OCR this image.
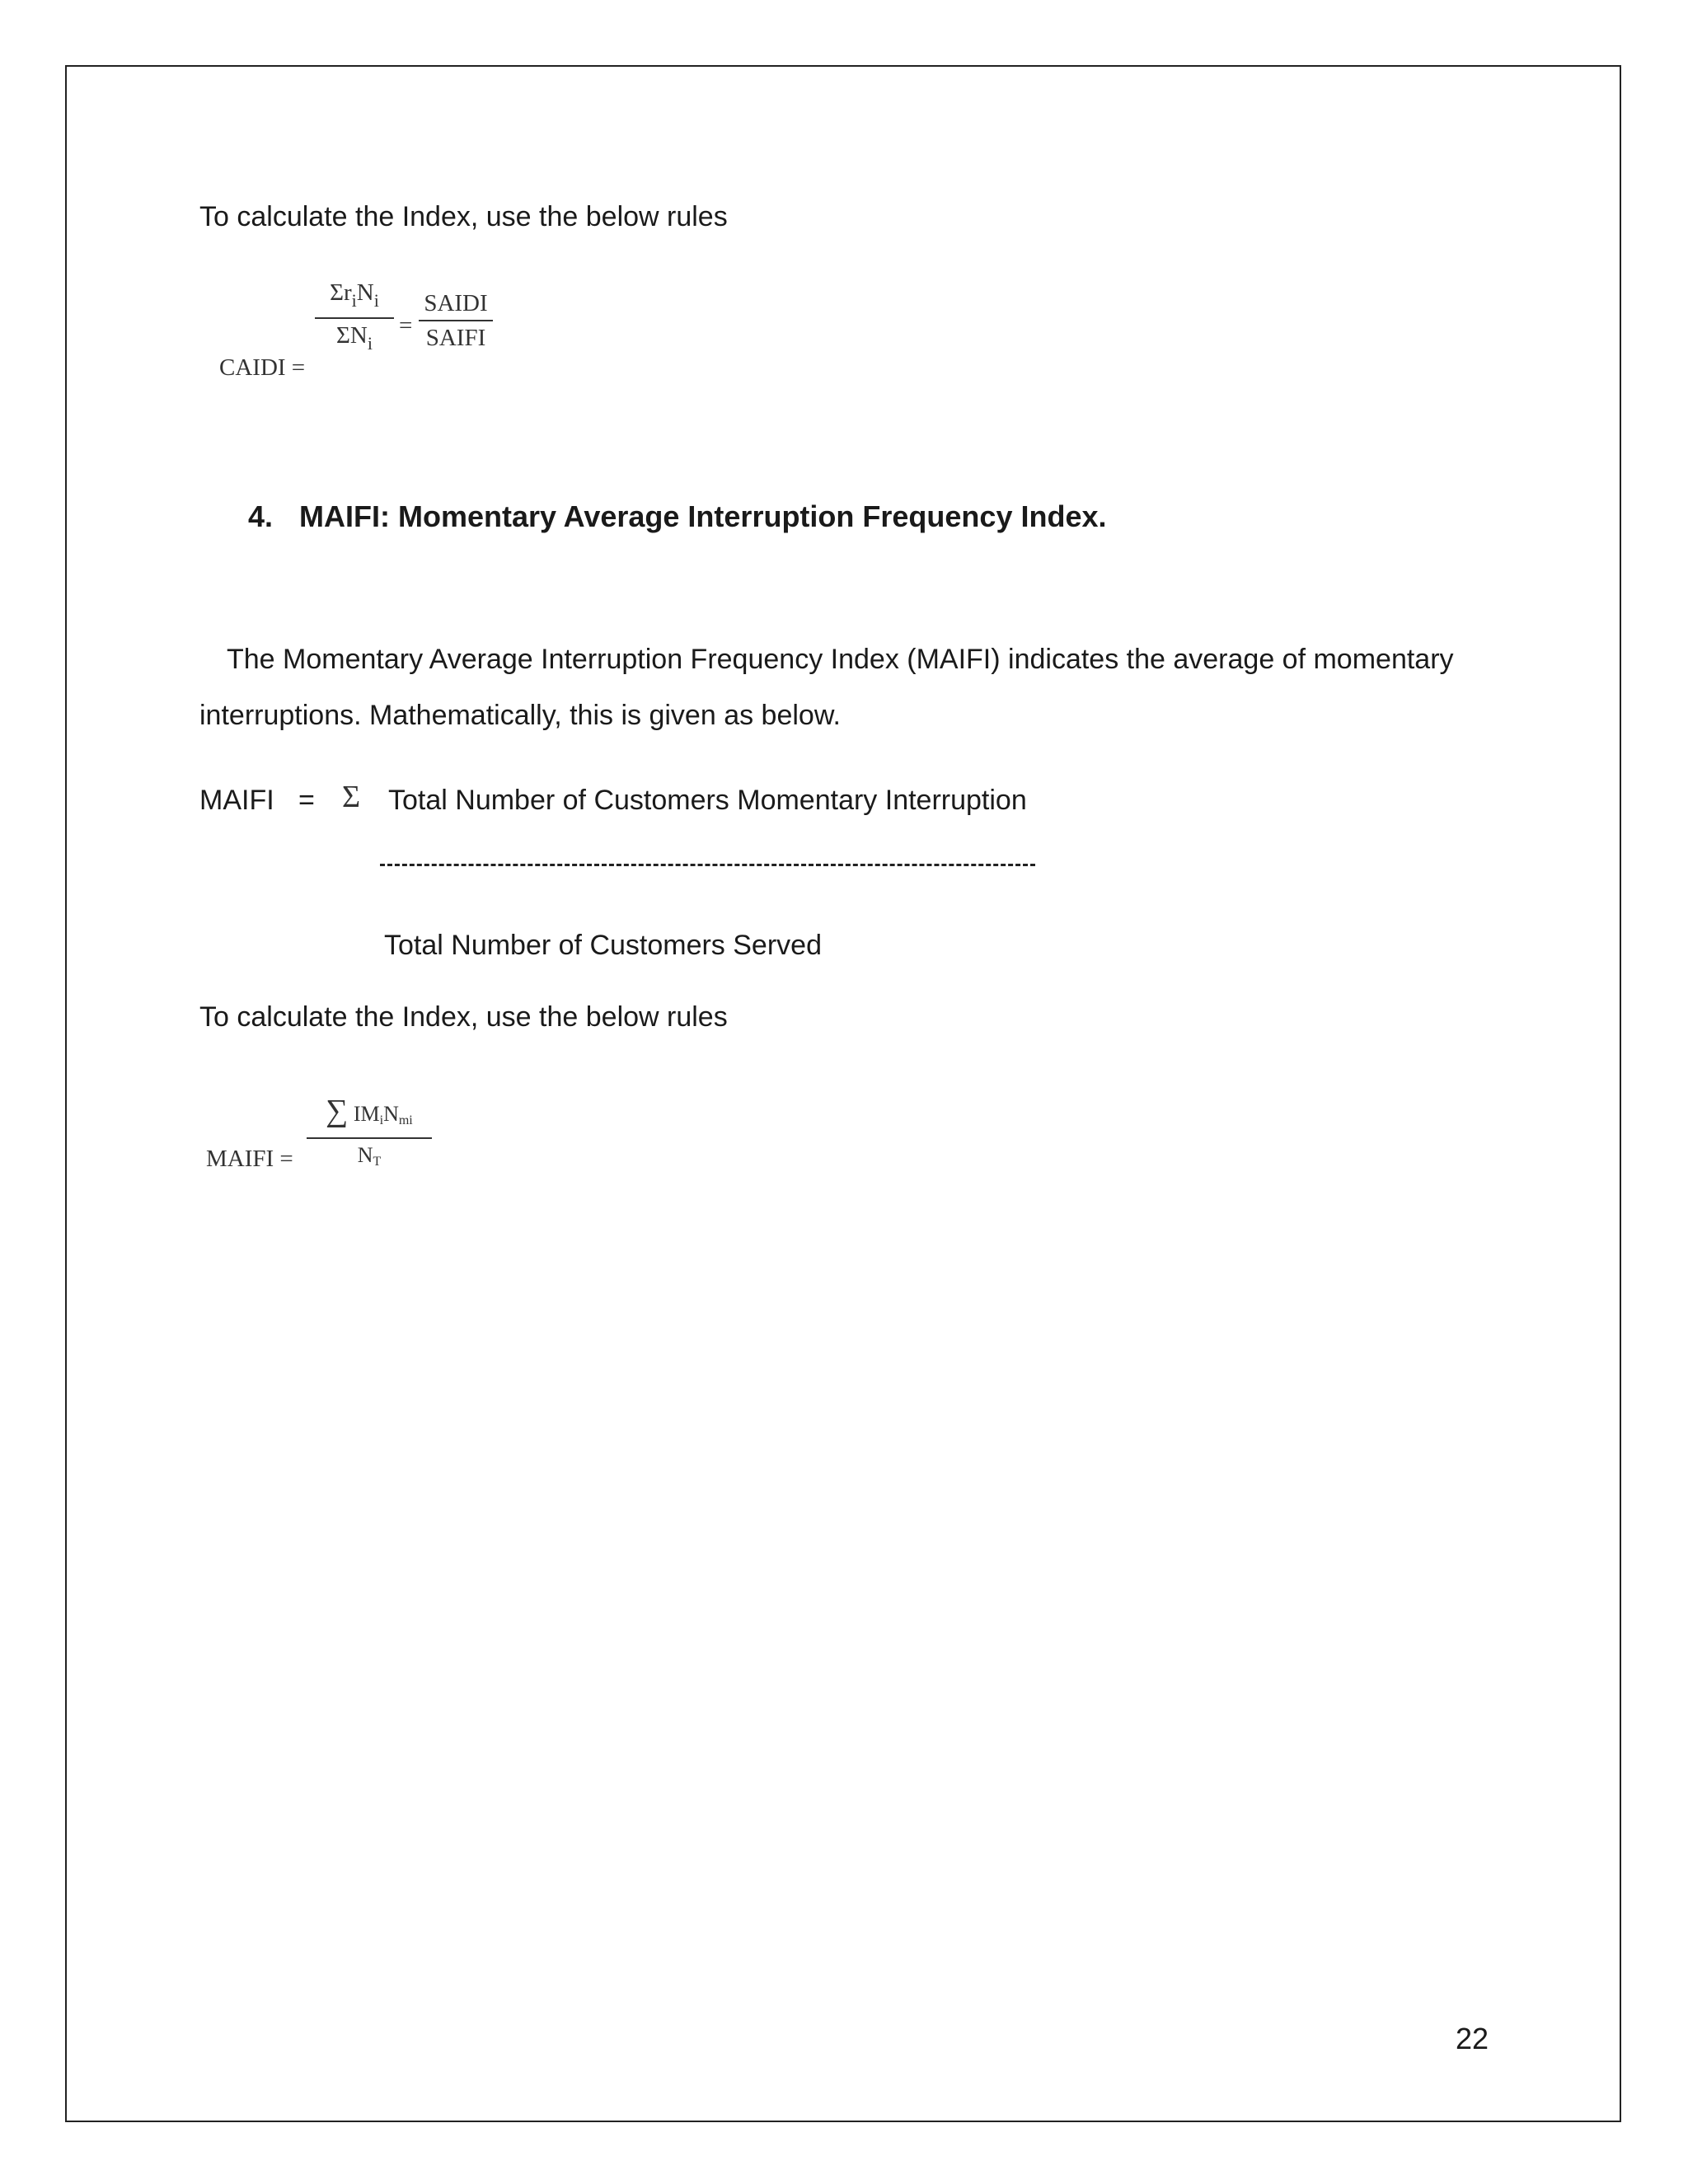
To calculate the Index, use the below rules
CAIDI =
$\Sigma r_iN_i$
$\Sigma N_i$
=
SAIDI
SAIFI
4. MAIFI: Momentary Average Interruption Frequency Index.
The Momentary Average Interruption Frequency Index (MAIFI) indicates the average of momentary
interruptions. Mathematically, this is given as below.
MAIFI = Σ Total Number of Customers Momentary Interruption
Total Number of Customers Served
To calculate the Index, use the below rules
MAIFI =
∑ $IM_iN_{mi}$
$N_T$
22
